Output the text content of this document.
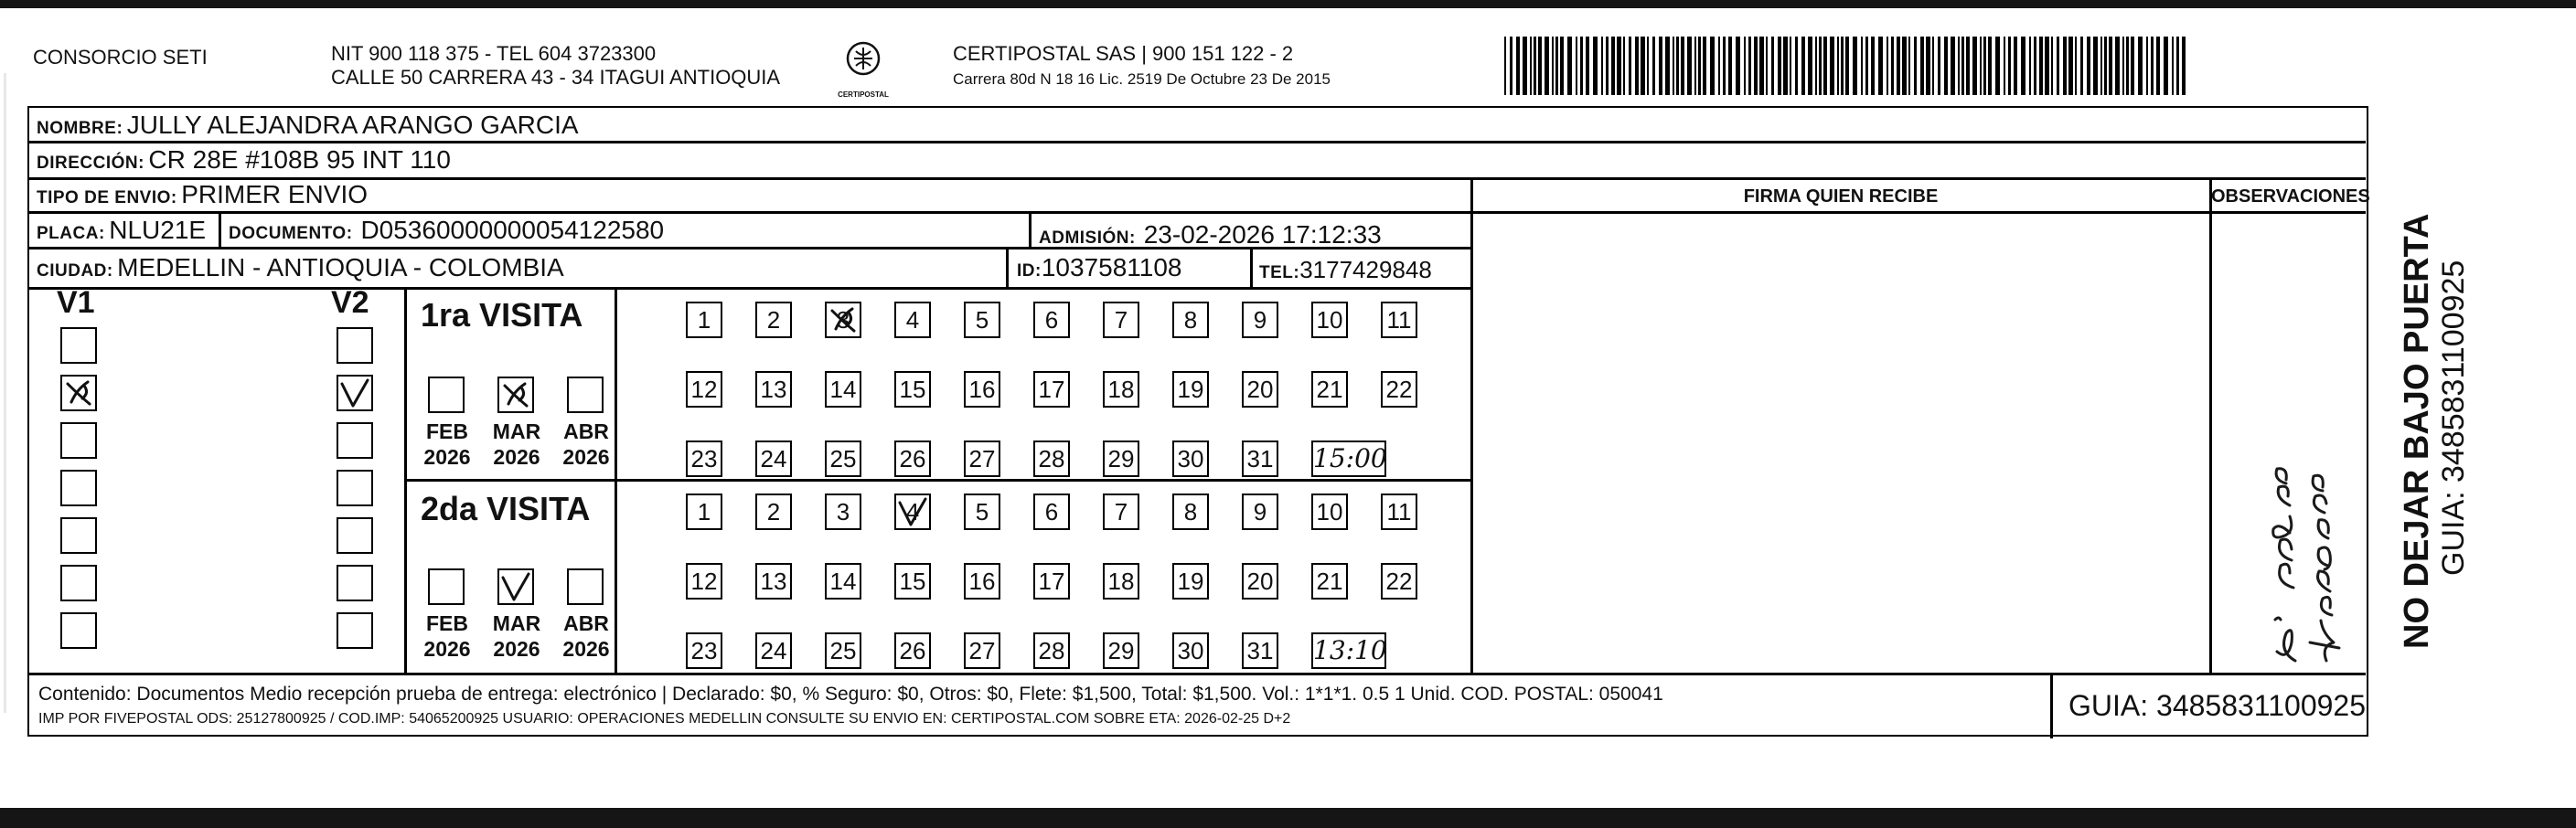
CONSORCIO SETI	NIT 900 118 375 - TEL 604 3723300
CALLE 50 CARRERA 43 - 34 ITAGUI ANTIOQUIA
CERTIPOSTAL
CERTIPOSTAL SAS | 900 151 122 - 2
Carrera 80d N 18 16 Lic. 2519 De Octubre 23 De 2015
NOMBRE: JULLY ALEJANDRA ARANGO GARCIA
DIRECCIÓN: CR 28E #108B 95 INT 110
TIPO DE ENVIO: PRIMER ENVIO	FIRMA QUIEN RECIBE	OBSERVACIONES
PLACA: NLU21E DOCUMENTO: D05360000000054122580	ADMISIÓN: 23-02-2026 17:12:33
CIUDAD: MEDELLIN - ANTIOQUIA - COLOMBIA	ID:1037581108	TEL:3177429848
V1	V2 1ra VISITA
2da VISITA
FEB
2026
MAR
2026
ABR
2026
1	2	3	4	5	6	7	8	9	10 11
12 13 14 15 16 17 18 19 20 21 22
23 24 25 26 27 28 29 30 31 15:00
FEB
2026
MAR
2026
ABR
2026
1	2	3	4	5	6	7	8	9	10 11
12 13 14 15 16 17 18 19 20 21 22
23 24 25 26 27 28 29 30 31 13:10
Contenido: Documentos Medio recepción prueba de entrega: electrónico | Declarado: $0, % Seguro: $0, Otros: $0, Flete: $1,500, Total: $1,500. Vol.: 1*1*1. 0.5 1 Unid. COD. POSTAL: 050041
IMP POR FIVEPOSTAL ODS: 25127800925 / COD.IMP: 54065200925 USUARIO: OPERACIONES MEDELLIN CONSULTE SU ENVIO EN: CERTIPOSTAL.COM SOBRE ETA: 2026-02-25 D+2	GUIA: 3485831100925
NO DEJAR BAJO PUERTA GUIA: 3485831100925
